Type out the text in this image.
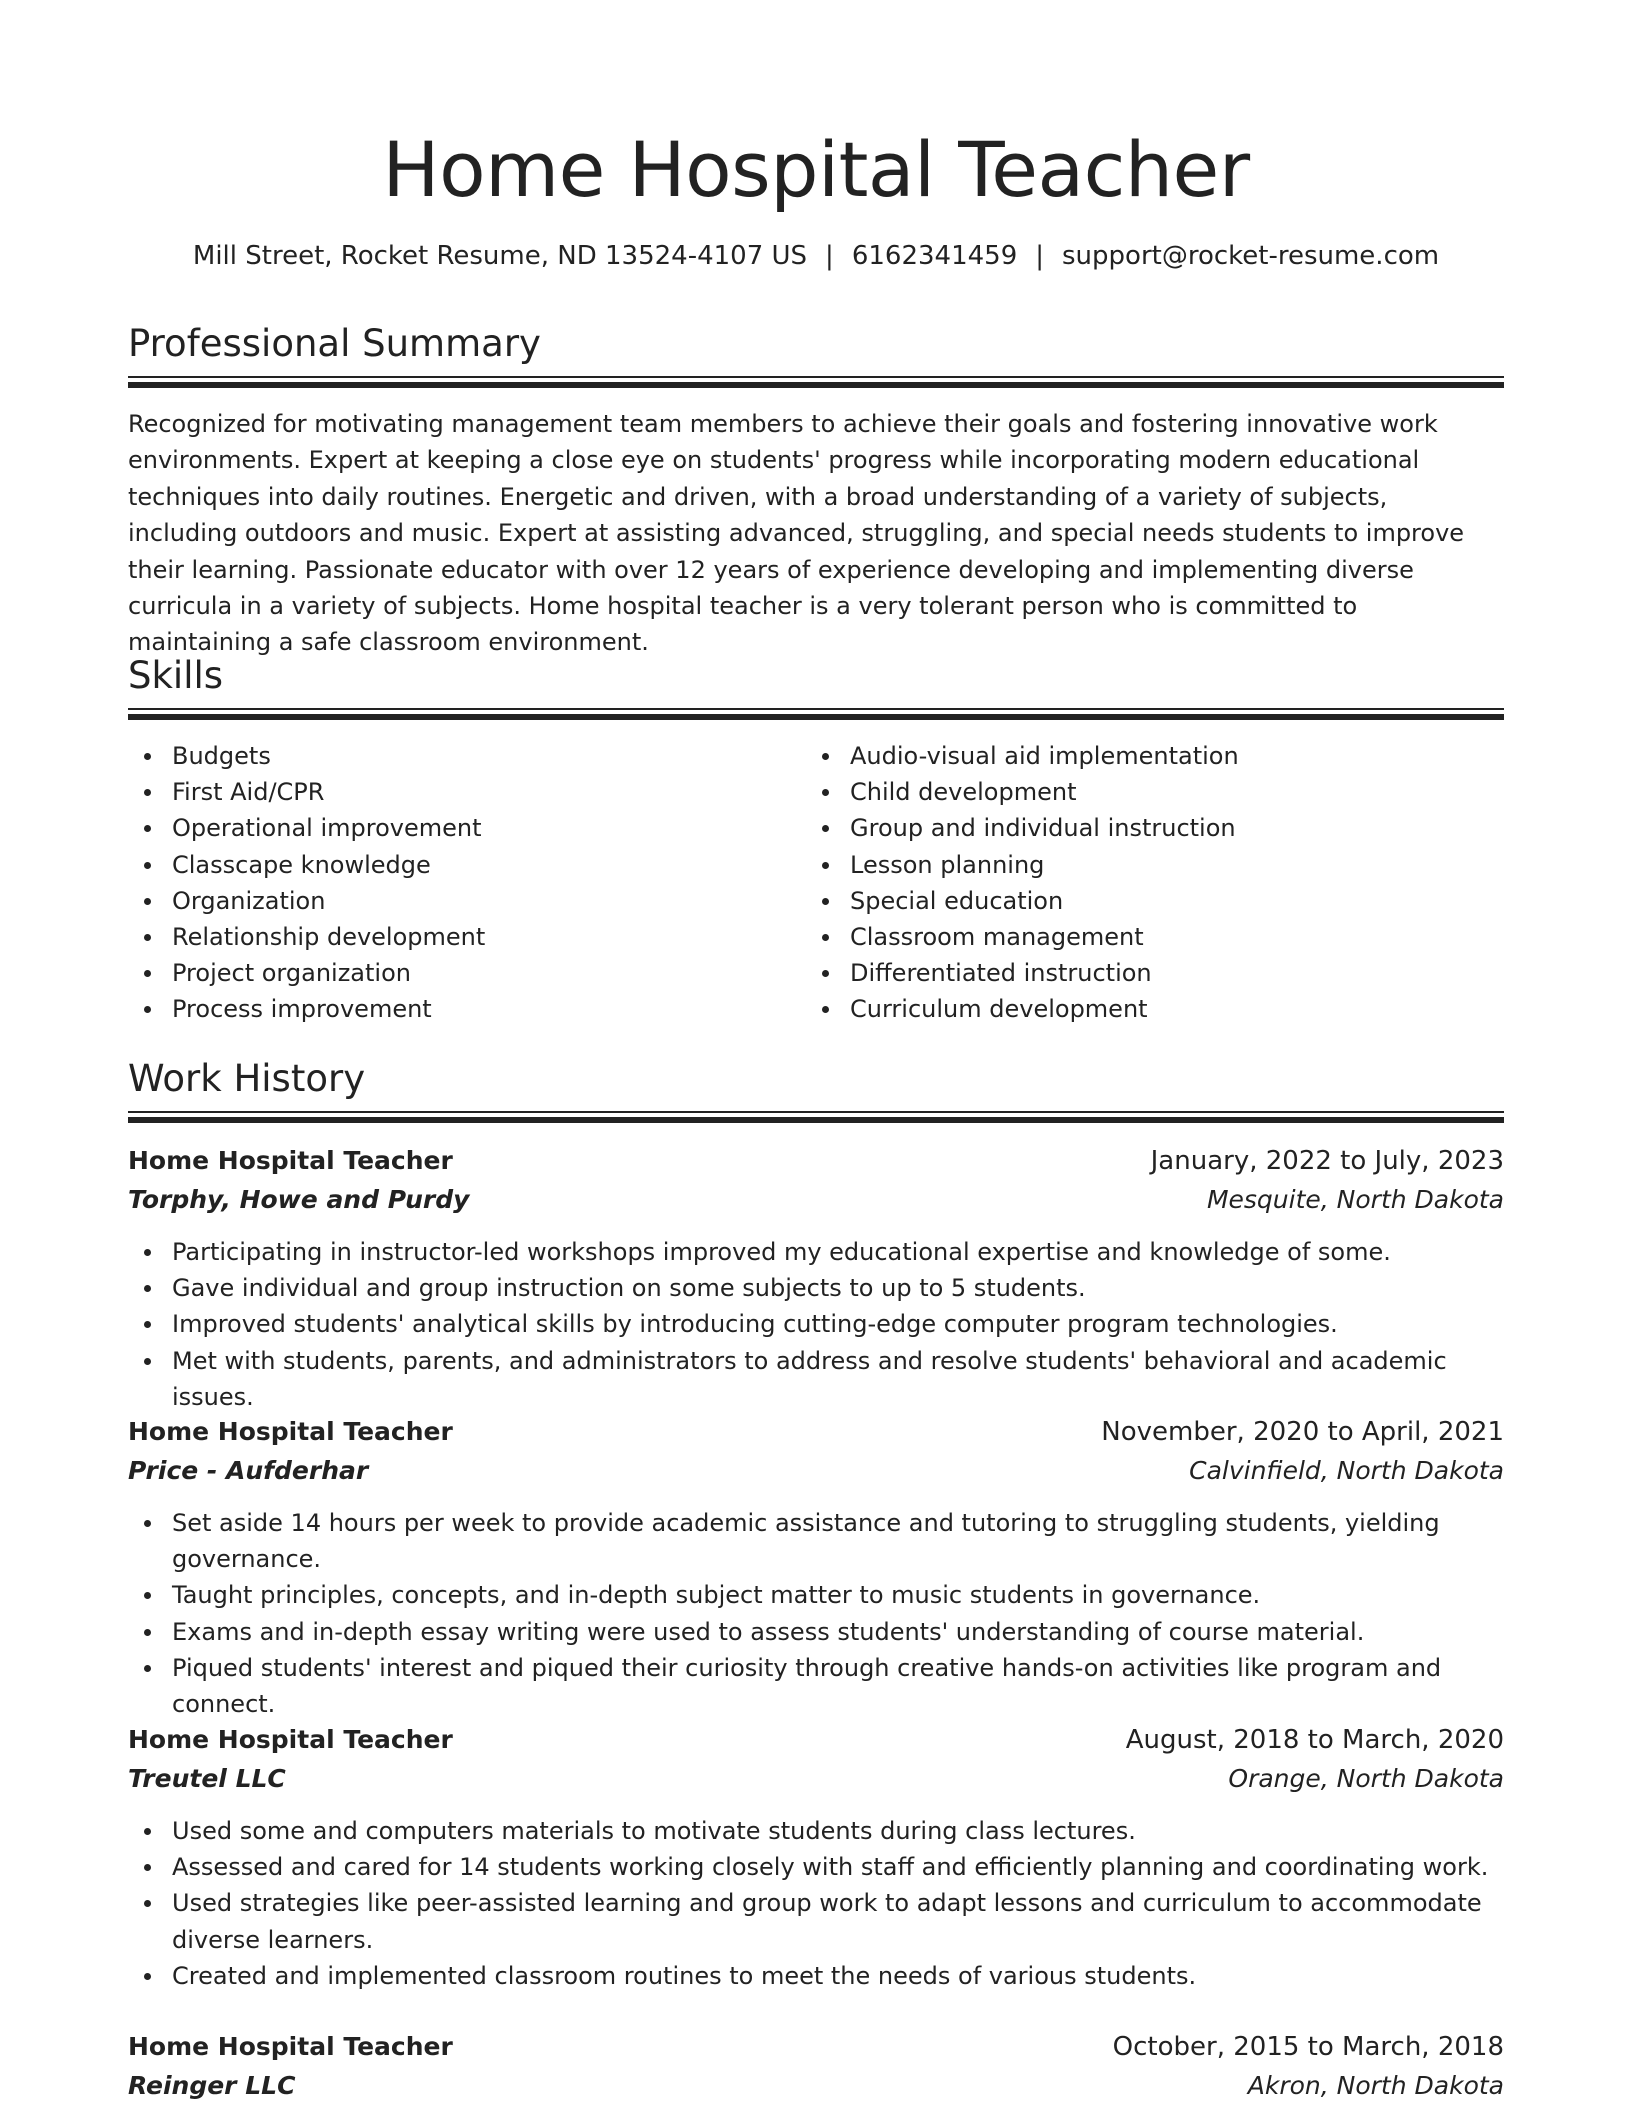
Home Hospital Teacher
Mill Street, Rocket Resume, ND 13524-4107 US | 6162341459 | support@rocket-resume.com
Professional Summary

Recognized for motivating management team members to achieve their goals and fostering innovative work environments. Expert at keeping a close eye on students' progress while incorporating modern educational techniques into daily routines. Energetic and driven, with a broad understanding of a variety of subjects, including outdoors and music. Expert at assisting advanced, struggling, and special needs students to improve their learning. Passionate educator with over 12 years of experience developing and implementing diverse curricula in a variety of subjects. Home hospital teacher is a very tolerant person who is committed to maintaining a safe classroom environment.

Skills
Budgets
First Aid/CPR
Operational improvement
Classcape knowledge
Organization
Relationship development
Project organization
Process improvement
Audio-visual aid implementation
Child development
Group and individual instruction
Lesson planning
Special education
Classroom management
Differentiated instruction
Curriculum development
Work History
Home Hospital Teacher	January, 2022 to July, 2023
Torphy, Howe and Purdy	Mesquite, North Dakota
Participating in instructor-led workshops improved my educational expertise and knowledge of some.
Gave individual and group instruction on some subjects to up to 5 students.
Improved students' analytical skills by introducing cutting-edge computer program technologies.
Met with students, parents, and administrators to address and resolve students' behavioral and academic issues.
Home Hospital Teacher	November, 2020 to April, 2021
Price - Aufderhar	Calvinfield, North Dakota
Set aside 14 hours per week to provide academic assistance and tutoring to struggling students, yielding governance.
Taught principles, concepts, and in-depth subject matter to music students in governance.
Exams and in-depth essay writing were used to assess students' understanding of course material.
Piqued students' interest and piqued their curiosity through creative hands-on activities like program and connect.
Home Hospital Teacher	August, 2018 to March, 2020
Treutel LLC	Orange, North Dakota
Used some and computers materials to motivate students during class lectures.
Assessed and cared for 14 students working closely with staff and efficiently planning and coordinating work.
Used strategies like peer-assisted learning and group work to adapt lessons and curriculum to accommodate diverse learners.
Created and implemented classroom routines to meet the needs of various students.
Home Hospital Teacher	October, 2015 to March, 2018
Reinger LLC	Akron, North Dakota
